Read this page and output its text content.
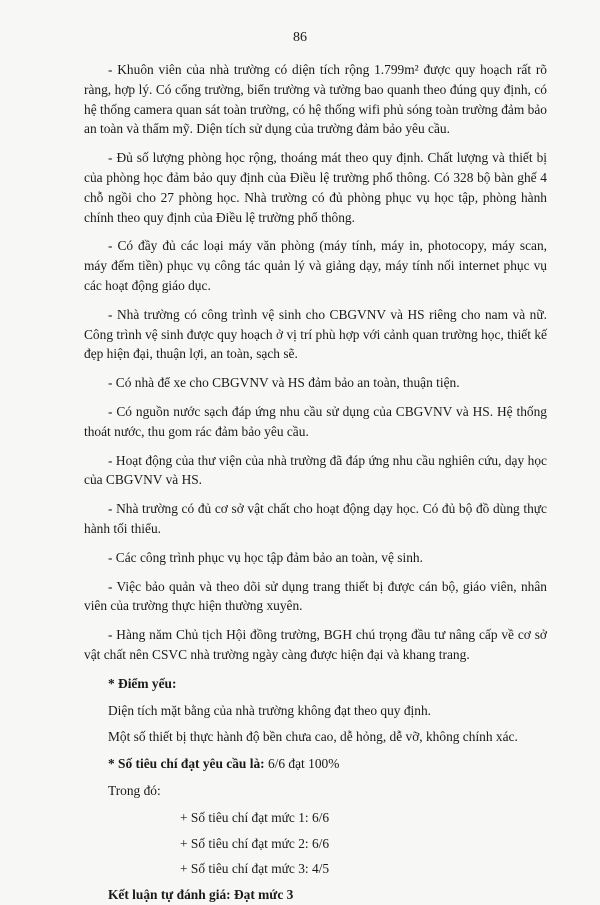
86

- Khuôn viên của nhà trường có diện tích rộng 1.799m² được quy hoạch rất rõ ràng, hợp lý. Có cổng trường, biển trường và tường bao quanh theo đúng quy định, có hệ thống camera quan sát toàn trường, có hệ thống wifi phủ sóng toàn trường đảm bảo an toàn và thẩm mỹ. Diện tích sử dụng của trường đảm bảo yêu cầu.

- Đủ số lượng phòng học rộng, thoáng mát theo quy định. Chất lượng và thiết bị của phòng học đảm bảo quy định của Điều lệ trường phổ thông. Có 328 bộ bàn ghế 4 chỗ ngồi cho 27 phòng học. Nhà trường có đủ phòng phục vụ học tập, phòng hành chính theo quy định của Điều lệ trường phổ thông.

- Có đầy đủ các loại máy văn phòng (máy tính, máy in, photocopy, máy scan, máy đếm tiền) phục vụ công tác quản lý và giảng dạy, máy tính nối internet phục vụ các hoạt động giáo dục.

- Nhà trường có công trình vệ sinh cho CBGVNV và HS riêng cho nam và nữ. Công trình vệ sinh được quy hoạch ở vị trí phù hợp với cảnh quan trường học, thiết kế đẹp hiện đại, thuận lợi, an toàn, sạch sẽ.

- Có nhà để xe cho CBGVNV và HS đảm bảo an toàn, thuận tiện.

- Có nguồn nước sạch đáp ứng nhu cầu sử dụng của CBGVNV và HS. Hệ thống thoát nước, thu gom rác đảm bảo yêu cầu.

- Hoạt động của thư viện của nhà trường đã đáp ứng nhu cầu nghiên cứu, dạy học của CBGVNV và HS.

- Nhà trường có đủ cơ sở vật chất cho hoạt động dạy học. Có đủ bộ đồ dùng thực hành tối thiểu.

- Các công trình phục vụ học tập đảm bảo an toàn, vệ sinh.

- Việc bảo quản và theo dõi sử dụng trang thiết bị được cán bộ, giáo viên, nhân viên của trường thực hiện thường xuyên.

- Hàng năm Chủ tịch Hội đồng trường, BGH chú trọng đầu tư nâng cấp về cơ sở vật chất nên CSVC nhà trường ngày càng được hiện đại và khang trang.

* Điểm yếu:

Diện tích mặt bằng của nhà trường không đạt theo quy định.

Một số thiết bị thực hành độ bền chưa cao, dễ hỏng, dễ vỡ, không chính xác.

* Số tiêu chí đạt yêu cầu là: 6/6 đạt 100%

Trong đó:

+ Số tiêu chí đạt mức 1: 6/6

+ Số tiêu chí đạt mức 2: 6/6

+ Số tiêu chí đạt mức 3: 4/5

Kết luận tự đánh giá: Đạt mức 3
